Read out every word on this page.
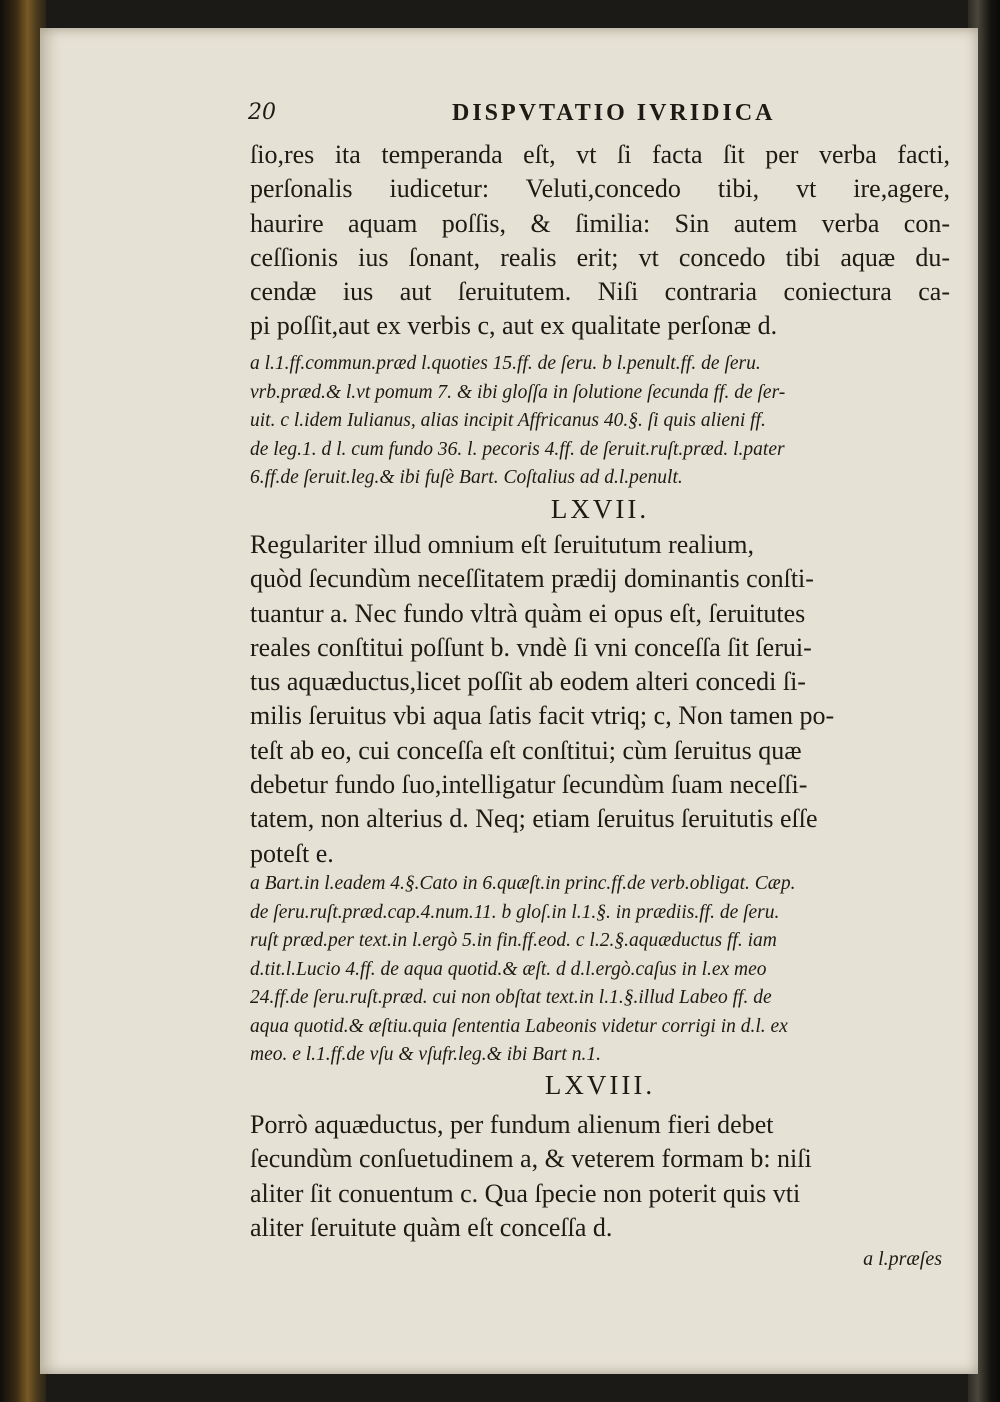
20	DISPVTATIO IVRIDICA
ſio,res ita temperanda eſt, vt ſi facta ſit per verba facti,
perſonalis iudicetur: Veluti,concedo tibi, vt ire,agere,
haurire aquam poſſis, & ſimilia: Sin autem verba con-
ceſſionis ius ſonant, realis erit; vt concedo tibi aquæ du-
cendæ ius aut ſeruitutem. Niſi contraria coniectura ca-
pi poſſit,aut ex verbis c, aut ex qualitate perſonæ d.
a l.1.ff.commun.præd l.quoties 15.ff. de ſeru. b l.penult.ff. de ſeru.
vrb.præd.& l.vt pomum 7. & ibi gloſſa in ſolutione ſecunda ff. de ſer-
uit. c l.idem Iulianus, alias incipit Affricanus 40.§. ſi quis alieni ff.
de leg.1. d l. cum fundo 36. l. pecoris 4.ff. de ſeruit.ruſt.præd. l.pater
6.ff.de ſeruit.leg.& ibi fuſè Bart. Coſtalius ad d.l.penult.
LXVII.
Regulariter illud omnium eſt ſeruitutum realium,
quòd ſecundùm neceſſitatem prædij dominantis conſti-
tuantur a. Nec fundo vltrà quàm ei opus eſt, ſeruitutes
reales conſtitui poſſunt b. vndè ſi vni conceſſa ſit ſerui-
tus aquæductus,licet poſſit ab eodem alteri concedi ſi-
milis ſeruitus vbi aqua ſatis facit vtriq; c, Non tamen po-
teſt ab eo, cui conceſſa eſt conſtitui; cùm ſeruitus quæ
debetur fundo ſuo,intelligatur ſecundùm ſuam neceſſi-
tatem, non alterius d. Neq; etiam ſeruitus ſeruitutis eſſe
poteſt e.
a Bart.in l.eadem 4.§.Cato in 6.quæſt.in princ.ff.de verb.obligat. Cæp.
de ſeru.ruſt.præd.cap.4.num.11. b gloſ.in l.1.§. in prædiis.ff. de ſeru.
ruſt præd.per text.in l.ergò 5.in fin.ff.eod. c l.2.§.aquæductus ff. iam
d.tit.l.Lucio 4.ff. de aqua quotid.& æſt. d d.l.ergò.caſus in l.ex meo
24.ff.de ſeru.ruſt.præd. cui non obſtat text.in l.1.§.illud Labeo ff. de
aqua quotid.& æſtiu.quia ſententia Labeonis videtur corrigi in d.l. ex
meo. e l.1.ff.de vſu & vſufr.leg.& ibi Bart n.1.
LXVIII.
Porrò aquæductus, per fundum alienum fieri debet
ſecundùm conſuetudinem a, & veterem formam b: niſi
aliter ſit conuentum c. Qua ſpecie non poterit quis vti
aliter ſeruitute quàm eſt conceſſa d.
a l.præſes
